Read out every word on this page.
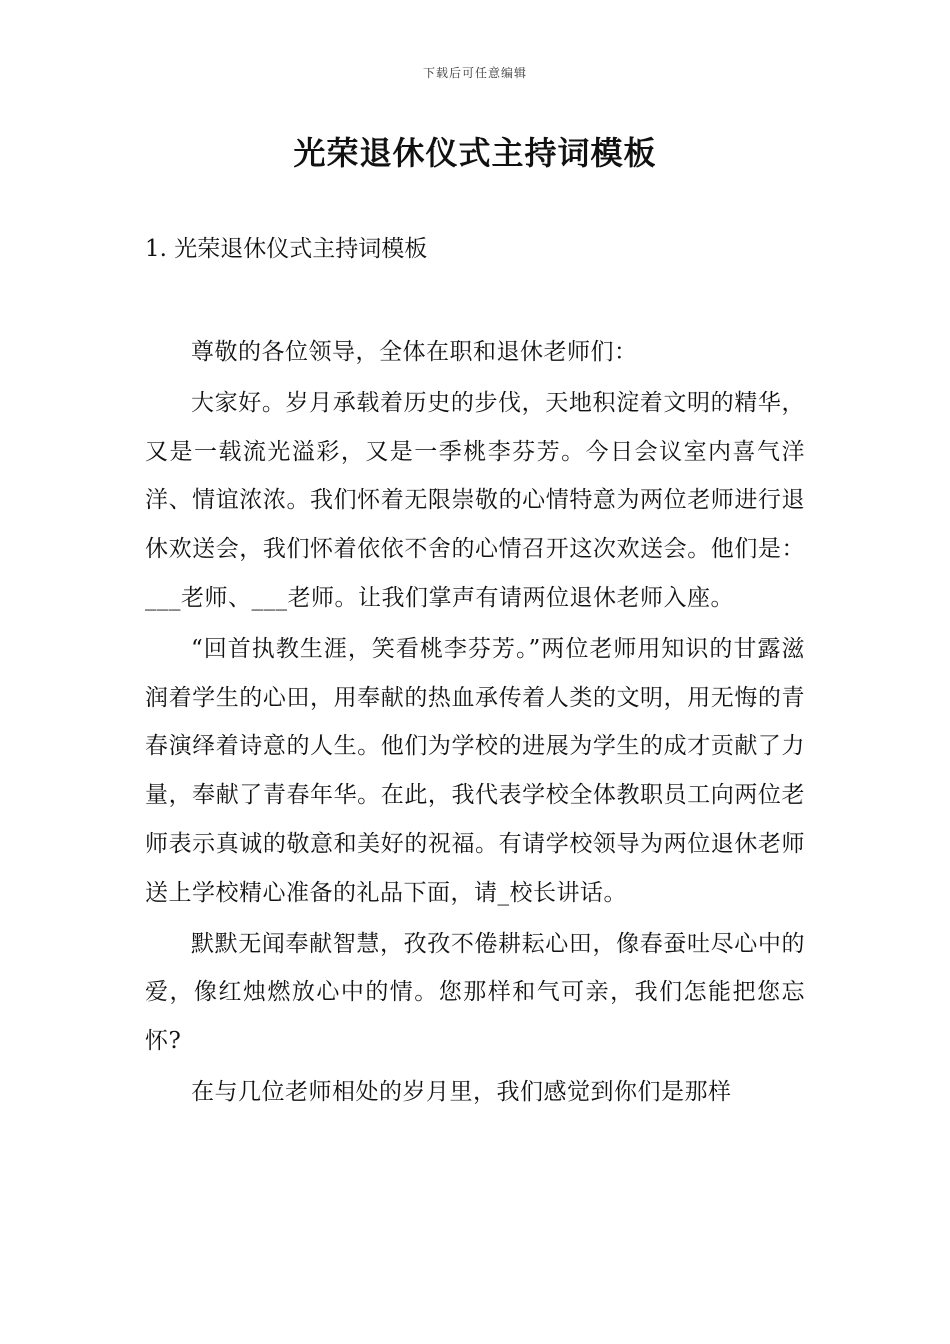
下载后可任意编辑
光荣退休仪式主持词模板
1. 光荣退休仪式主持词模板

尊敬的各位领导，全体在职和退休老师们：

大家好。岁月承载着历史的步伐，天地积淀着文明的精华，又是一载流光溢彩，又是一季桃李芬芳。今日会议室内喜气洋洋、情谊浓浓。我们怀着无限崇敬的心情特意为两位老师进行退休欢送会，我们怀着依依不舍的心情召开这次欢送会。他们是：___老师、___老师。让我们掌声有请两位退休老师入座。

“回首执教生涯，笑看桃李芬芳。”两位老师用知识的甘露滋润着学生的心田，用奉献的热血承传着人类的文明，用无悔的青春演绎着诗意的人生。他们为学校的进展为学生的成才贡献了力量，奉献了青春年华。在此，我代表学校全体教职员工向两位老师表示真诚的敬意和美好的祝福。有请学校领导为两位退休老师送上学校精心准备的礼品下面，请_校长讲话。

默默无闻奉献智慧，孜孜不倦耕耘心田，像春蚕吐尽心中的爱，像红烛燃放心中的情。您那样和气可亲，我们怎能把您忘怀?

在与几位老师相处的岁月里，我们感觉到你们是那样
